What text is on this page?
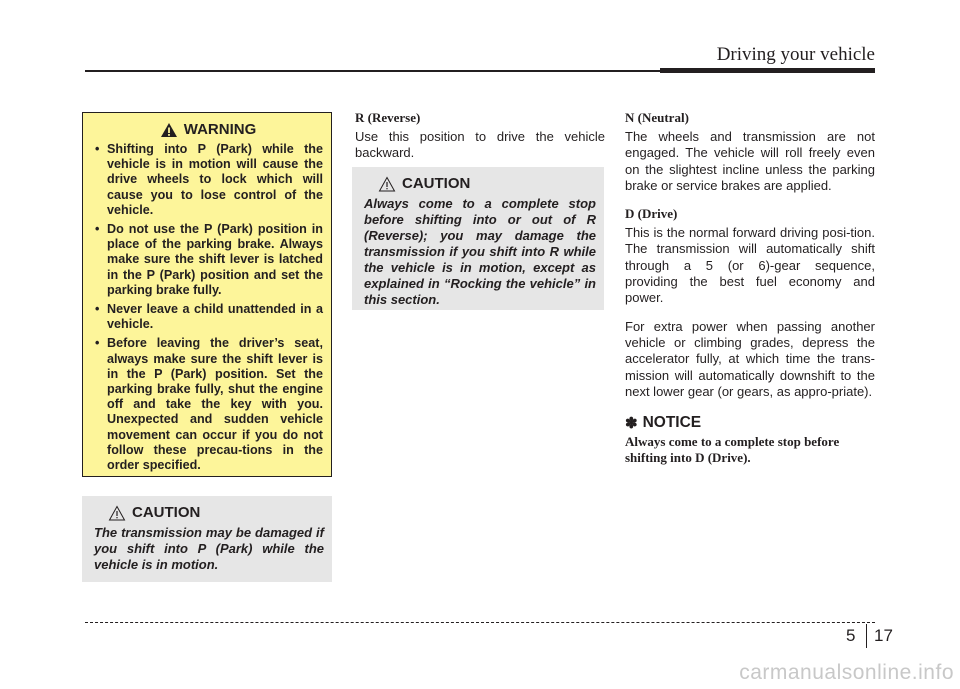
Driving your vehicle
WARNING
• Shifting into P (Park) while the vehicle is in motion will cause the drive wheels to lock which will cause you to lose control of the vehicle.
• Do not use the P (Park) position in place of the parking brake. Always make sure the shift lever is latched in the P (Park) position and set the parking brake fully.
• Never leave a child unattended in a vehicle.
• Before leaving the driver’s seat, always make sure the shift lever is in the P (Park) position. Set the parking brake fully, shut the engine off and take the key with you. Unexpected and sudden vehicle movement can occur if you do not follow these precau-tions in the order specified.
CAUTION

The transmission may be damaged if you shift into P (Park) while the vehicle is in motion.

R (Reverse)

Use this position to drive the vehicle backward.

CAUTION

Always come to a complete stop before shifting into or out of R (Reverse); you may damage the transmission if you shift into R while the vehicle is in motion, except as explained in “Rocking the vehicle” in this section.

N (Neutral)

The wheels and transmission are not engaged. The vehicle will roll freely even on the slightest incline unless the parking brake or service brakes are applied.

D (Drive)

This is the normal forward driving posi-tion. The transmission will automatically shift through a 5 (or 6)-gear sequence, providing the best fuel economy and power.

For extra power when passing another vehicle or climbing grades, depress the accelerator fully, at which time the trans-mission will automatically downshift to the next lower gear (or gears, as appro-priate).

✽ NOTICE

Always come to a complete stop before shifting into D (Drive).

5 17
carmanualsonline.info
